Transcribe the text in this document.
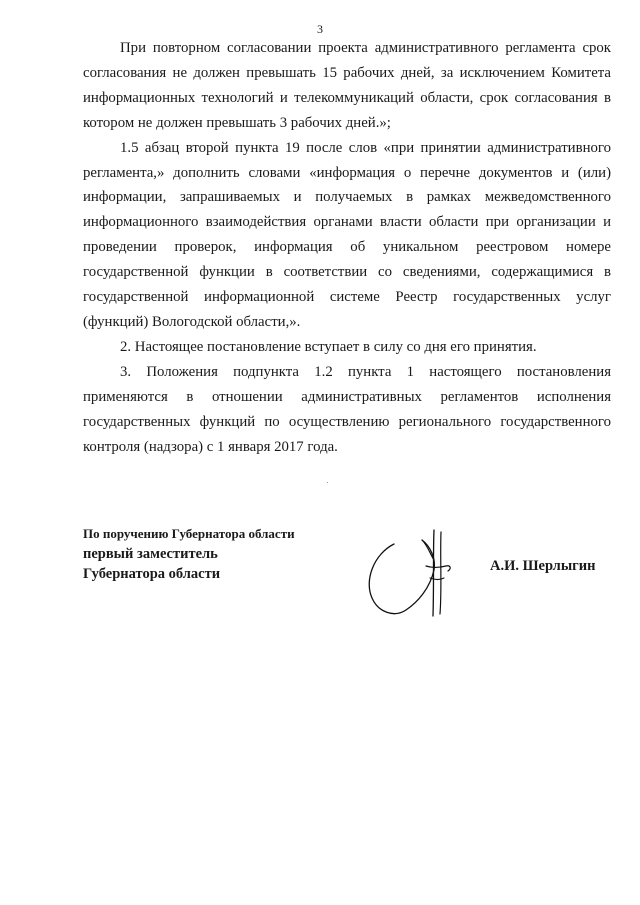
3

При повторном согласовании проекта административного регламента срок согласования не должен превышать 15 рабочих дней, за исключением Комитета информационных технологий и телекоммуникаций области, срок согласования в котором не должен превышать 3 рабочих дней.»;

1.5 абзац второй пункта 19 после слов «при принятии административного регламента,» дополнить словами «информация о перечне документов и (или) информации, запрашиваемых и получаемых в рамках межведомственного информационного взаимодействия органами власти области при организации и проведении проверок, информация об уникальном реестровом номере государственной функции в соответствии со сведениями, содержащимися в государственной информационной системе Реестр государственных услуг (функций) Вологодской области,».

2. Настоящее постановление вступает в силу со дня его принятия.

3. Положения подпункта 1.2 пункта 1 настоящего постановления применяются в отношении административных регламентов исполнения государственных функций по осуществлению регионального государственного контроля (надзора) с 1 января 2017 года.

По поручению Губернатора области
первый заместитель
Губернатора области	А.И. Шерлыгин
